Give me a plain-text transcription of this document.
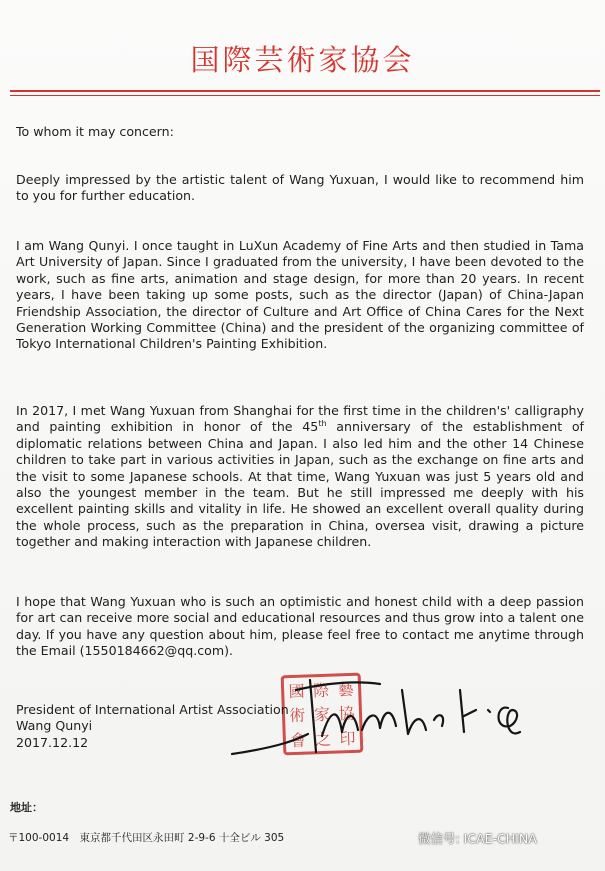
国際芸術家協会

To whom it may concern:

Deeply impressed by the artistic talent of Wang Yuxuan, I would like to recommend him to you for further education.

I am Wang Qunyi. I once taught in LuXun Academy of Fine Arts and then studied in Tama Art University of Japan. Since I graduated from the university, I have been devoted to the work, such as fine arts, animation and stage design, for more than 20 years. In recent years, I have been taking up some posts, such as the director (Japan) of China-Japan Friendship Association, the director of Culture and Art Office of China Cares for the Next Generation Working Committee (China) and the president of the organizing committee of Tokyo International Children's Painting Exhibition.

In 2017, I met Wang Yuxuan from Shanghai for the first time in the children's' calligraphy and painting exhibition in honor of the 45th anniversary of the establishment of diplomatic relations between China and Japan. I also led him and the other 14 Chinese children to take part in various activities in Japan, such as the exchange on fine arts and the visit to some Japanese schools. At that time, Wang Yuxuan was just 5 years old and also the youngest member in the team. But he still impressed me deeply with his excellent painting skills and vitality in life. He showed an excellent overall quality during the whole process, such as the preparation in China, oversea visit, drawing a picture together and making interaction with Japanese children.

I hope that Wang Yuxuan who is such an optimistic and honest child with a deep passion for art can receive more social and educational resources and thus grow into a talent one day. If you have any question about him, please feel free to contact me anytime through the Email (1550184662@qq.com).

國 際 藝
術 家 協
會 之 印
President of International Artist Association
Wang Qunyi
2017.12.12
地址：
〒100-0014　東京都千代田区永田町 2-9-6 十全ビル 305	微信号: ICAE-CHINA
